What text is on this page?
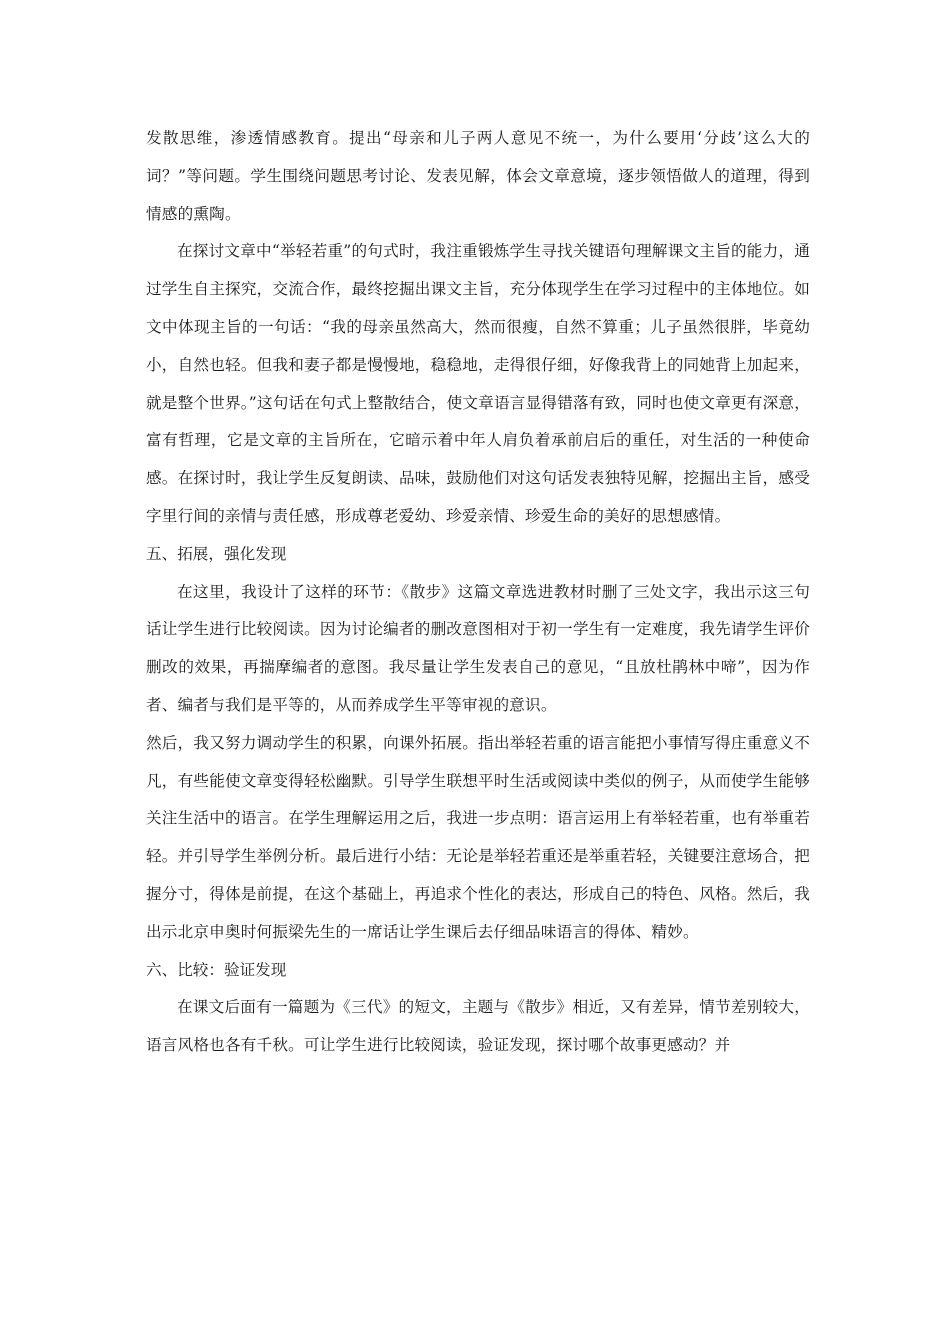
发散思维，渗透情感教育。提出“母亲和儿子两人意见不统一，为什么要用‘分歧’这么大的词？”等问题。学生围绕问题思考讨论、发表见解，体会文章意境，逐步领悟做人的道理，得到情感的熏陶。

在探讨文章中“举轻若重”的句式时，我注重锻炼学生寻找关键语句理解课文主旨的能力，通过学生自主探究，交流合作，最终挖掘出课文主旨，充分体现学生在学习过程中的主体地位。如文中体现主旨的一句话：“我的母亲虽然高大，然而很瘦，自然不算重；儿子虽然很胖，毕竟幼小，自然也轻。但我和妻子都是慢慢地，稳稳地，走得很仔细，好像我背上的同她背上加起来，就是整个世界。”这句话在句式上整散结合，使文章语言显得错落有致，同时也使文章更有深意，富有哲理，它是文章的主旨所在，它暗示着中年人肩负着承前启后的重任，对生活的一种使命感。在探讨时，我让学生反复朗读、品味，鼓励他们对这句话发表独特见解，挖掘出主旨，感受字里行间的亲情与责任感，形成尊老爱幼、珍爱亲情、珍爱生命的美好的思想感情。

五、拓展，强化发现

在这里，我设计了这样的环节：《散步》这篇文章选进教材时删了三处文字，我出示这三句话让学生进行比较阅读。因为讨论编者的删改意图相对于初一学生有一定难度，我先请学生评价删改的效果，再揣摩编者的意图。我尽量让学生发表自己的意见，“且放杜鹃林中啼”，因为作者、编者与我们是平等的，从而养成学生平等审视的意识。

然后，我又努力调动学生的积累，向课外拓展。指出举轻若重的语言能把小事情写得庄重意义不凡，有些能使文章变得轻松幽默。引导学生联想平时生活或阅读中类似的例子，从而使学生能够关注生活中的语言。在学生理解运用之后，我进一步点明：语言运用上有举轻若重，也有举重若轻。并引导学生举例分析。最后进行小结：无论是举轻若重还是举重若轻，关键要注意场合，把握分寸，得体是前提，在这个基础上，再追求个性化的表达，形成自己的特色、风格。然后，我出示北京申奥时何振梁先生的一席话让学生课后去仔细品味语言的得体、精妙。

六、比较：验证发现

在课文后面有一篇题为《三代》的短文，主题与《散步》相近，又有差异，情节差别较大，语言风格也各有千秋。可让学生进行比较阅读，验证发现，探讨哪个故事更感动？并
